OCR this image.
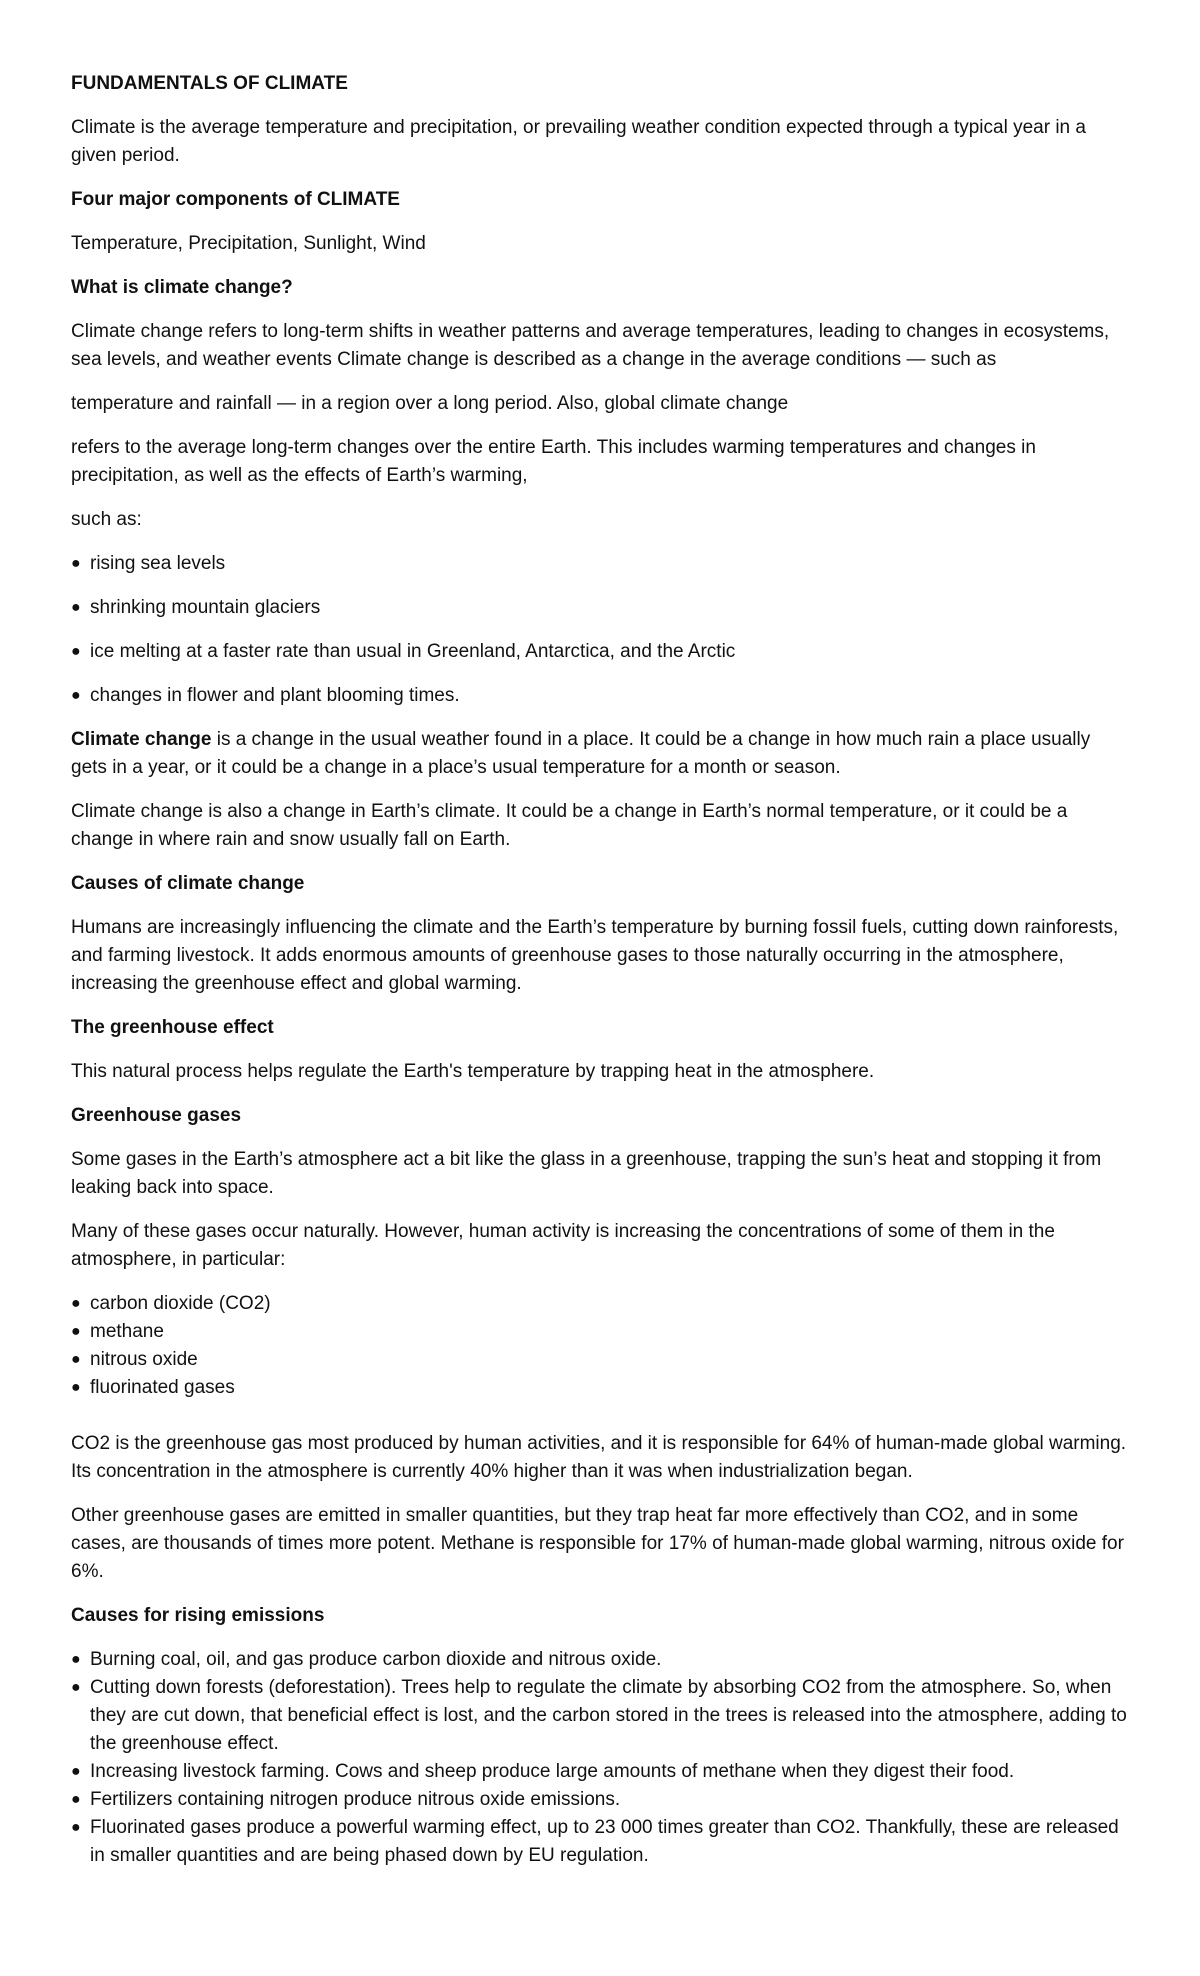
FUNDAMENTALS OF CLIMATE

Climate is the average temperature and precipitation, or prevailing weather condition expected through a typical year in a given period.

Four major components of CLIMATE

Temperature, Precipitation, Sunlight, Wind

What is climate change?

Climate change refers to long-term shifts in weather patterns and average temperatures, leading to changes in ecosystems, sea levels, and weather events Climate change is described as a change in the average conditions — such as

temperature and rainfall — in a region over a long period. Also, global climate change

refers to the average long-term changes over the entire Earth. This includes warming temperatures and changes in precipitation, as well as the effects of Earth’s warming,

such as:

● rising sea levels
● shrinking mountain glaciers
● ice melting at a faster rate than usual in Greenland, Antarctica, and the Arctic
● changes in flower and plant blooming times.

Climate change is a change in the usual weather found in a place. It could be a change in how much rain a place usually gets in a year, or it could be a change in a place’s usual temperature for a month or season.

Climate change is also a change in Earth’s climate. It could be a change in Earth’s normal temperature, or it could be a change in where rain and snow usually fall on Earth.

Causes of climate change

Humans are increasingly influencing the climate and the Earth’s temperature by burning fossil fuels, cutting down rainforests, and farming livestock. It adds enormous amounts of greenhouse gases to those naturally occurring in the atmosphere, increasing the greenhouse effect and global warming.

The greenhouse effect

This natural process helps regulate the Earth's temperature by trapping heat in the atmosphere.

Greenhouse gases

Some gases in the Earth’s atmosphere act a bit like the glass in a greenhouse, trapping the sun’s heat and stopping it from leaking back into space.

Many of these gases occur naturally. However, human activity is increasing the concentrations of some of them in the atmosphere, in particular:

● carbon dioxide (CO2)
● methane
● nitrous oxide
● fluorinated gases

CO2 is the greenhouse gas most produced by human activities, and it is responsible for 64% of human-made global warming. Its concentration in the atmosphere is currently 40% higher than it was when industrialization began.

Other greenhouse gases are emitted in smaller quantities, but they trap heat far more effectively than CO2, and in some cases, are thousands of times more potent. Methane is responsible for 17% of human-made global warming, nitrous oxide for 6%.

Causes for rising emissions
● Burning coal, oil, and gas produce carbon dioxide and nitrous oxide.
● Cutting down forests (deforestation). Trees help to regulate the climate by absorbing CO2 from the atmosphere. So, when they are cut down, that beneficial effect is lost, and the carbon stored in the trees is released into the atmosphere, adding to the greenhouse effect.
● Increasing livestock farming. Cows and sheep produce large amounts of methane when they digest their food.
● Fertilizers containing nitrogen produce nitrous oxide emissions.
● Fluorinated gases produce a powerful warming effect, up to 23 000 times greater than CO2. Thankfully, these are released in smaller quantities and are being phased down by EU regulation.
